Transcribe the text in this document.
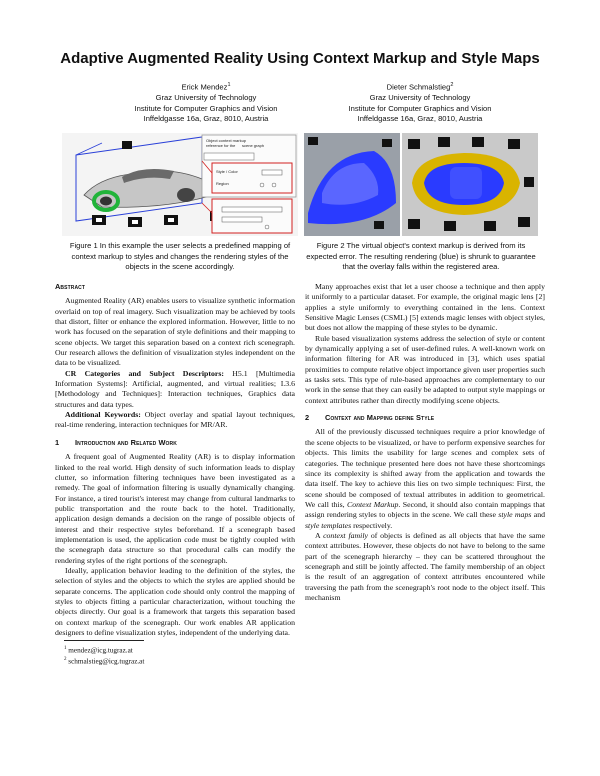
Adaptive Augmented Reality Using Context Markup and Style Maps
Erick Mendez$^1$
Graz University of Technology
Institute for Computer Graphics and Vision
Inffeldgasse 16a, Graz, 8010, Austria
Dieter Schmalstieg$^2$
Graz University of Technology
Institute for Computer Graphics and Vision
Inffeldgasse 16a, Graz, 8010, Austria
Object context markup
reference for the scene graph
Style / Color
Region
Figure 1 In this example the user selects a predefined mapping of context markup to styles and changes the rendering styles of the objects in the scene accordingly.
Figure 2 The virtual object's context markup is derived from its expected error. The resulting rendering (blue) is shrunk to guarantee that the overlay falls within the registered area.
Abstract

Augmented Reality (AR) enables users to visualize synthetic information overlaid on top of real imagery. Such visualization may be achieved by tools that distort, filter or enhance the explored information. However, little to no work has focused on the separation of style definitions and their mapping to scene objects. We target this separation based on a context rich scenegraph. Our research allows the definition of visualization styles independent on the data to be visualized.

CR Categories and Subject Descriptors: H5.1 [Multimedia Information Systems]: Artificial, augmented, and virtual realities; I.3.6 [Methodology and Techniques]: Interaction techniques, Graphics data structures and data types.

Additional Keywords: Object overlay and spatial layout techniques, real-time rendering, interaction techniques for MR/AR.

1 Introduction and Related Work

A frequent goal of Augmented Reality (AR) is to display information linked to the real world. High density of such information leads to display clutter, so information filtering techniques have been investigated as a remedy. The goal of information filtering is usually dynamically changing. For instance, a tired tourist's interest may change from cultural landmarks to public transportation and the route back to the hotel. Traditionally, application design demands a decision on the range of possible objects of interest and their respective styles beforehand. If a scenegraph based implementation is used, the application code must be tightly coupled with the scenegraph data structure so that procedural calls can modify the rendering styles of the right portions of the scenegraph.

Ideally, application behavior leading to the definition of the styles, the selection of styles and the objects to which the styles are applied should be separate concerns. The application code should only control the mapping of styles to objects fitting a particular characterization, without touching the objects directly. Our goal is a framework that targets this separation based on context markup of the scenegraph. Our work enables AR application designers to define visualization styles, independent of the underlying data.

$^1$ mendez@icg.tugraz.at
$^2$ schmalstieg@icg.tugraz.at

Many approaches exist that let a user choose a technique and then apply it uniformly to a particular dataset. For example, the original magic lens [2] applies a style uniformly to everything contained in the lens. Context Sensitive Magic Lenses (CSML) [5] extends magic lenses with object styles, but does not allow the mapping of these styles to be dynamic.

Rule based visualization systems address the selection of style or content by dynamically applying a set of user-defined rules. A well-known work on information filtering for AR was introduced in [3], which uses spatial proximities to compute relative object importance given user properties such as tasks sets. This type of rule-based approaches are complementary to our work in the sense that they can easily be adapted to output style mappings or context attributes rather than directly modifying scene objects.

2 Context and Mapping define Style

All of the previously discussed techniques require a prior knowledge of the scene objects to be visualized, or have to perform expensive searches for objects. This limits the usability for large scenes and complex sets of categories. The technique presented here does not have these shortcomings since its complexity is shifted away from the application and towards the data itself. The key to achieve this lies on two simple techniques: First, the scene should be composed of textual attributes in addition to geometrical. We call this, Context Markup. Second, it should also contain mappings that assign rendering styles to objects in the scene. We call these style maps and style templates respectively.

A context family of objects is defined as all objects that have the same context attributes. However, these objects do not have to belong to the same part of the scenegraph hierarchy – they can be scattered throughout the scenegraph and still be jointly affected. The family membership of an object is the result of an aggregation of context attributes encountered while traversing the path from the scenegraph's root node to the object itself. This mechanism
